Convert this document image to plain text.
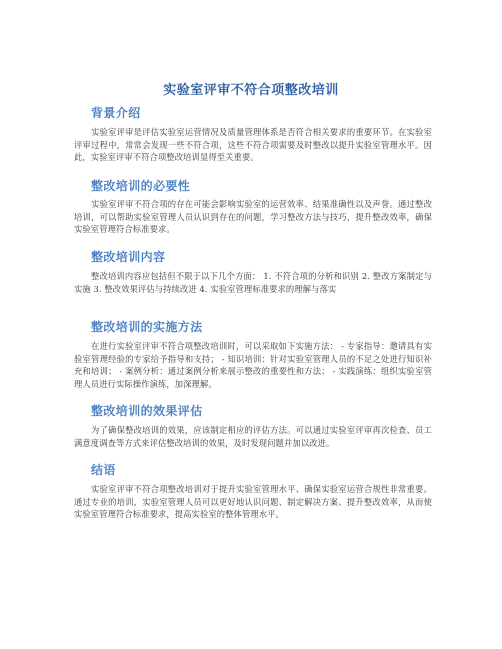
实验室评审不符合项整改培训
背景介绍

实验室评审是评估实验室运营情况及质量管理体系是否符合相关要求的重要环节。在实验室评审过程中，常常会发现一些不符合项，这些不符合项需要及时整改以提升实验室管理水平。因此，实验室评审不符合项整改培训显得至关重要。

整改培训的必要性

实验室评审不符合项的存在可能会影响实验室的运营效率、结果准确性以及声誉。通过整改培训，可以帮助实验室管理人员认识到存在的问题，学习整改方法与技巧，提升整改效率，确保实验室管理符合标准要求。

整改培训内容

整改培训内容应包括但不限于以下几个方面： 1. 不符合项的分析和识别 2. 整改方案制定与实施 3. 整改效果评估与持续改进 4. 实验室管理标准要求的理解与落实

整改培训的实施方法

在进行实验室评审不符合项整改培训时，可以采取如下实施方法： - 专家指导：邀请具有实验室管理经验的专家给予指导和支持； - 知识培训：针对实验室管理人员的不足之处进行知识补充和培训； - 案例分析：通过案例分析来展示整改的重要性和方法； - 实践演练：组织实验室管理人员进行实际操作演练，加深理解。

整改培训的效果评估

为了确保整改培训的效果，应该制定相应的评估方法。可以通过实验室评审再次检查、员工满意度调查等方式来评估整改培训的效果，及时发现问题并加以改进。

结语

实验室评审不符合项整改培训对于提升实验室管理水平、确保实验室运营合规性非常重要。通过专业的培训，实验室管理人员可以更好地认识问题、制定解决方案、提升整改效率，从而使实验室管理符合标准要求，提高实验室的整体管理水平。
